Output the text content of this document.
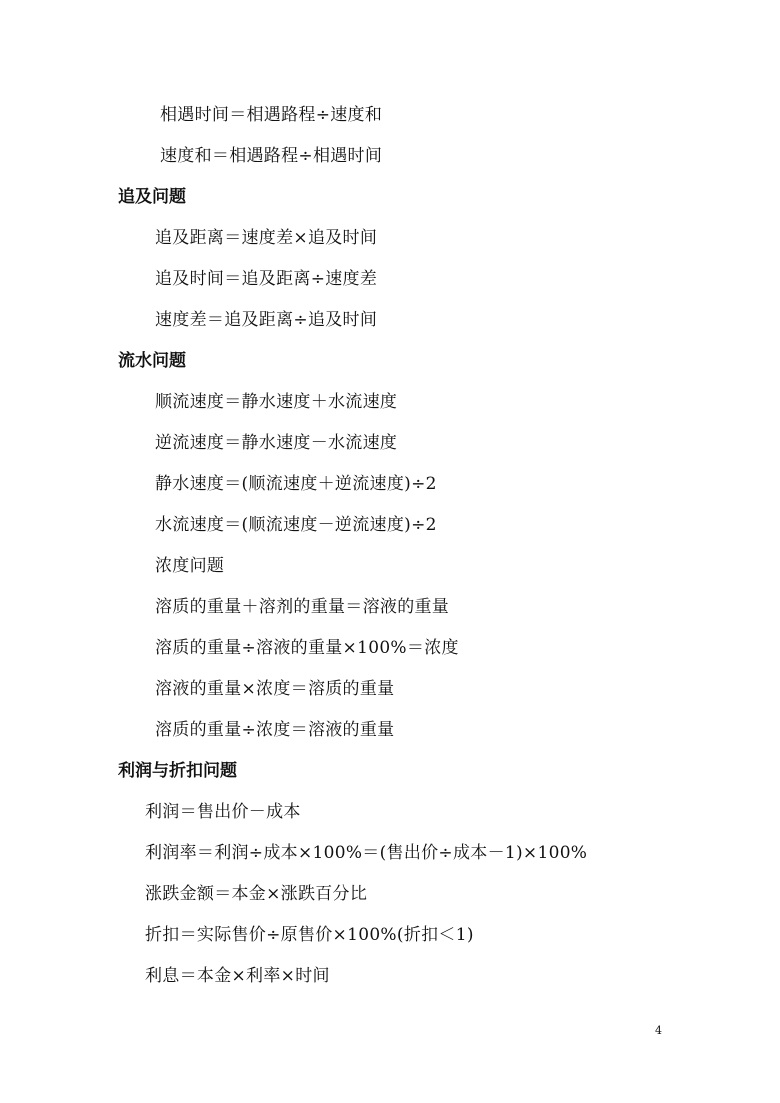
相遇时间＝相遇路程÷速度和
速度和＝相遇路程÷相遇时间
追及问题
追及距离＝速度差×追及时间
追及时间＝追及距离÷速度差
速度差＝追及距离÷追及时间
流水问题
顺流速度＝静水速度＋水流速度
逆流速度＝静水速度－水流速度
静水速度＝(顺流速度＋逆流速度)÷2
水流速度＝(顺流速度－逆流速度)÷2
浓度问题
溶质的重量＋溶剂的重量＝溶液的重量
溶质的重量÷溶液的重量×100%＝浓度
溶液的重量×浓度＝溶质的重量
溶质的重量÷浓度＝溶液的重量
利润与折扣问题
利润＝售出价－成本
利润率＝利润÷成本×100%＝(售出价÷成本－1)×100%
涨跌金额＝本金×涨跌百分比
折扣＝实际售价÷原售价×100%(折扣＜1)
利息＝本金×利率×时间
4
